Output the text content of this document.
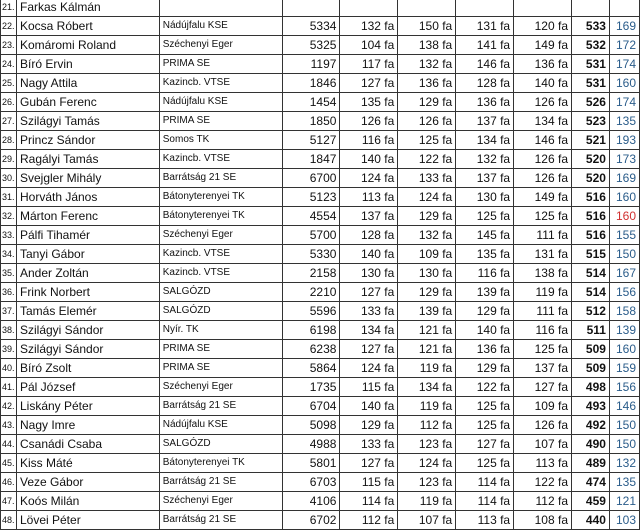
21.	Farkas Kálmán								
22.	Kocsa Róbert	Nádújfalu KSE	5334	132 fa	150 fa	131 fa	120 fa	533	169
23.	Komáromi Roland	Széchenyi Eger	5325	104 fa	138 fa	141 fa	149 fa	532	172
24.	Bíró Ervin	PRIMA SE	1197	117 fa	132 fa	146 fa	136 fa	531	174
25.	Nagy Attila	Kazincb. VTSE	1846	127 fa	136 fa	128 fa	140 fa	531	160
26.	Gubán Ferenc	Nádújfalu KSE	1454	135 fa	129 fa	136 fa	126 fa	526	174
27.	Szilágyi Tamás	PRIMA SE	1850	126 fa	126 fa	137 fa	134 fa	523	135
28.	Princz Sándor	Somos TK	5127	116 fa	125 fa	134 fa	146 fa	521	193
29.	Ragályi Tamás	Kazincb. VTSE	1847	140 fa	122 fa	132 fa	126 fa	520	173
30.	Svejgler Mihály	Barrátság 21 SE	6700	124 fa	133 fa	137 fa	126 fa	520	169
31.	Horváth János	Bátonyterenyei TK	5123	113 fa	124 fa	130 fa	149 fa	516	160
32.	Márton Ferenc	Bátonyterenyei TK	4554	137 fa	129 fa	125 fa	125 fa	516	160
33.	Pálfi Tihamér	Széchenyi Eger	5700	128 fa	132 fa	145 fa	111 fa	516	155
34.	Tanyi Gábor	Kazincb. VTSE	5330	140 fa	109 fa	135 fa	131 fa	515	150
35.	Ander Zoltán	Kazincb. VTSE	2158	130 fa	130 fa	116 fa	138 fa	514	167
36.	Frink Norbert	SALGÓZD	2210	127 fa	129 fa	139 fa	119 fa	514	156
37.	Tamás Elemér	SALGÓZD	5596	133 fa	139 fa	129 fa	111 fa	512	158
38.	Szilágyi Sándor	Nyír. TK	6198	134 fa	121 fa	140 fa	116 fa	511	139
39.	Szilágyi Sándor	PRIMA SE	6238	127 fa	121 fa	136 fa	125 fa	509	160
40.	Bíró Zsolt	PRIMA SE	5864	124 fa	119 fa	129 fa	137 fa	509	159
41.	Pál József	Széchenyi Eger	1735	115 fa	134 fa	122 fa	127 fa	498	156
42.	Liskány Péter	Barrátság 21 SE	6704	140 fa	119 fa	125 fa	109 fa	493	146
43.	Nagy Imre	Nádújfalu KSE	5098	129 fa	112 fa	125 fa	126 fa	492	150
44.	Csanádi Csaba	SALGÓZD	4988	133 fa	123 fa	127 fa	107 fa	490	150
45.	Kiss Máté	Bátonyterenyei TK	5801	127 fa	124 fa	125 fa	113 fa	489	132
46.	Veze Gábor	Barrátság 21 SE	6703	115 fa	123 fa	114 fa	122 fa	474	135
47.	Koós Milán	Széchenyi Eger	4106	114 fa	119 fa	114 fa	112 fa	459	121
48.	Lövei Péter	Barrátság 21 SE	6702	112 fa	107 fa	113 fa	108 fa	440	103
